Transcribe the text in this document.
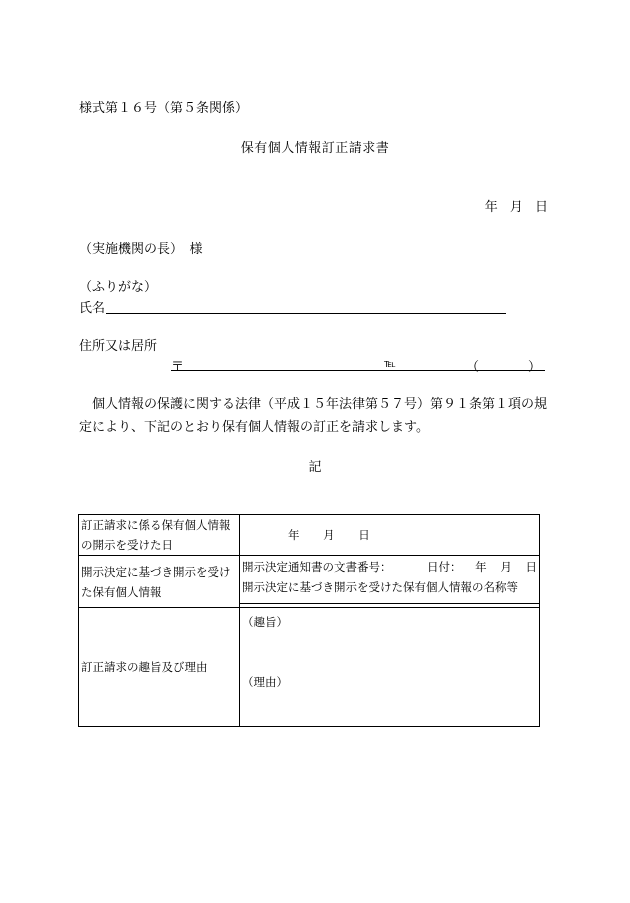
様式第１６号（第５条関係）
保有個人情報訂正請求書
年 月 日
（実施機関の長）　様
（ふりがな）
氏名
住所又は居所
〒	℡	（	）
個人情報の保護に関する法律（平成１５年法律第５７号）第９１条第１項の規定により、下記のとおり保有個人情報の訂正を請求します。
記
訂正請求に係る保有個人情報の開示を受けた日	年 月 日
開示決定に基づき開示を受けた保有個人情報	開示決定通知書の文書番号： 日付： 年 月 日
開示決定に基づき開示を受けた保有個人情報の名称等

訂正請求の趣旨及び理由	（趣旨）
（理由）
